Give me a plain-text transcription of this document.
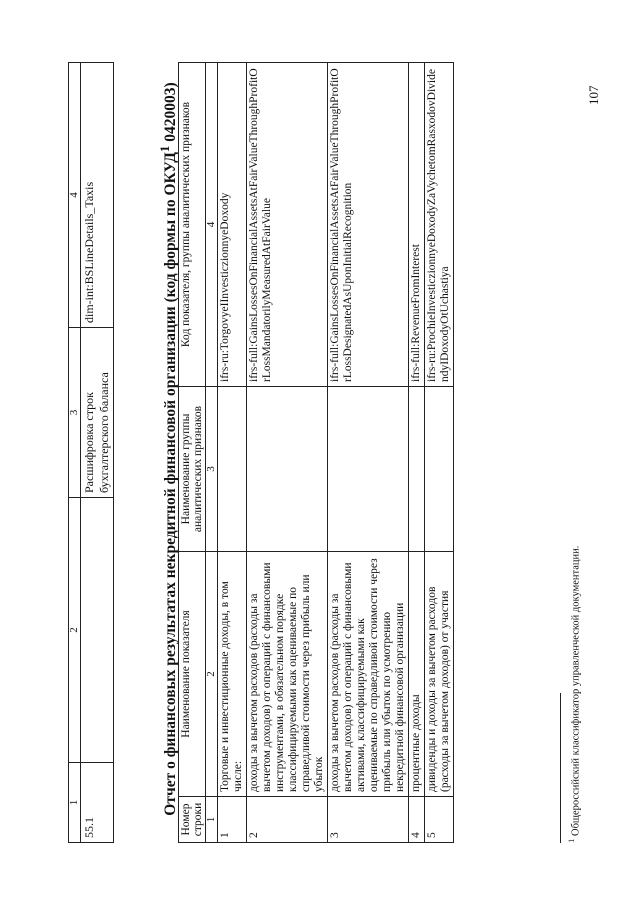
1	2	3	4
55.1		Расшифровка строк бухгалтерского баланса	dim-int:BSLineDetails_Taxis	Отчет о финансовых результатах некредитной финансовой организации (код формы по ОКУД$^1$ 0420003)
Номер строки	Наименование показателя	Наименование группы аналитических признаков	Код показателя, группы аналитических признаков
1	2	3	4
1	Торговые и инвестиционные доходы, в том числе:		ifrs-ru:TorgovyeIInvesticzionnyeDoxody
2	доходы за вычетом расходов (расходы за вычетом доходов) от операций с финансовыми инструментами, в обязательном порядке классифицируемыми как оцениваемые по справедливой стоимости через прибыль или убыток		ifrs-full:GainsLossesOnFinancialAssetsAtFairValueThroughProfitOrLossMandatorilyMeasuredAtFairValue
3	доходы за вычетом расходов (расходы за вычетом доходов) от операций с финансовыми активами, классифицируемыми как оцениваемые по справедливой стоимости через прибыль или убыток по усмотрению некредитной финансовой организации		ifrs-full:GainsLossesOnFinancialAssetsAtFairValueThroughProfitOrLossDesignatedAsUponInitialRecognition
4	процентные доходы		ifrs-full:RevenueFromInterest
5	дивиденды и доходы за вычетом расходов (расходы за вычетом доходов) от участия		ifrs-ru:ProchieInvesticzionnyeDoxodyZaVychetomRasxodovDividendyIDoxodyOtUchastiya
$^1$ Общероссийский классификатор управленческой документации.
107
